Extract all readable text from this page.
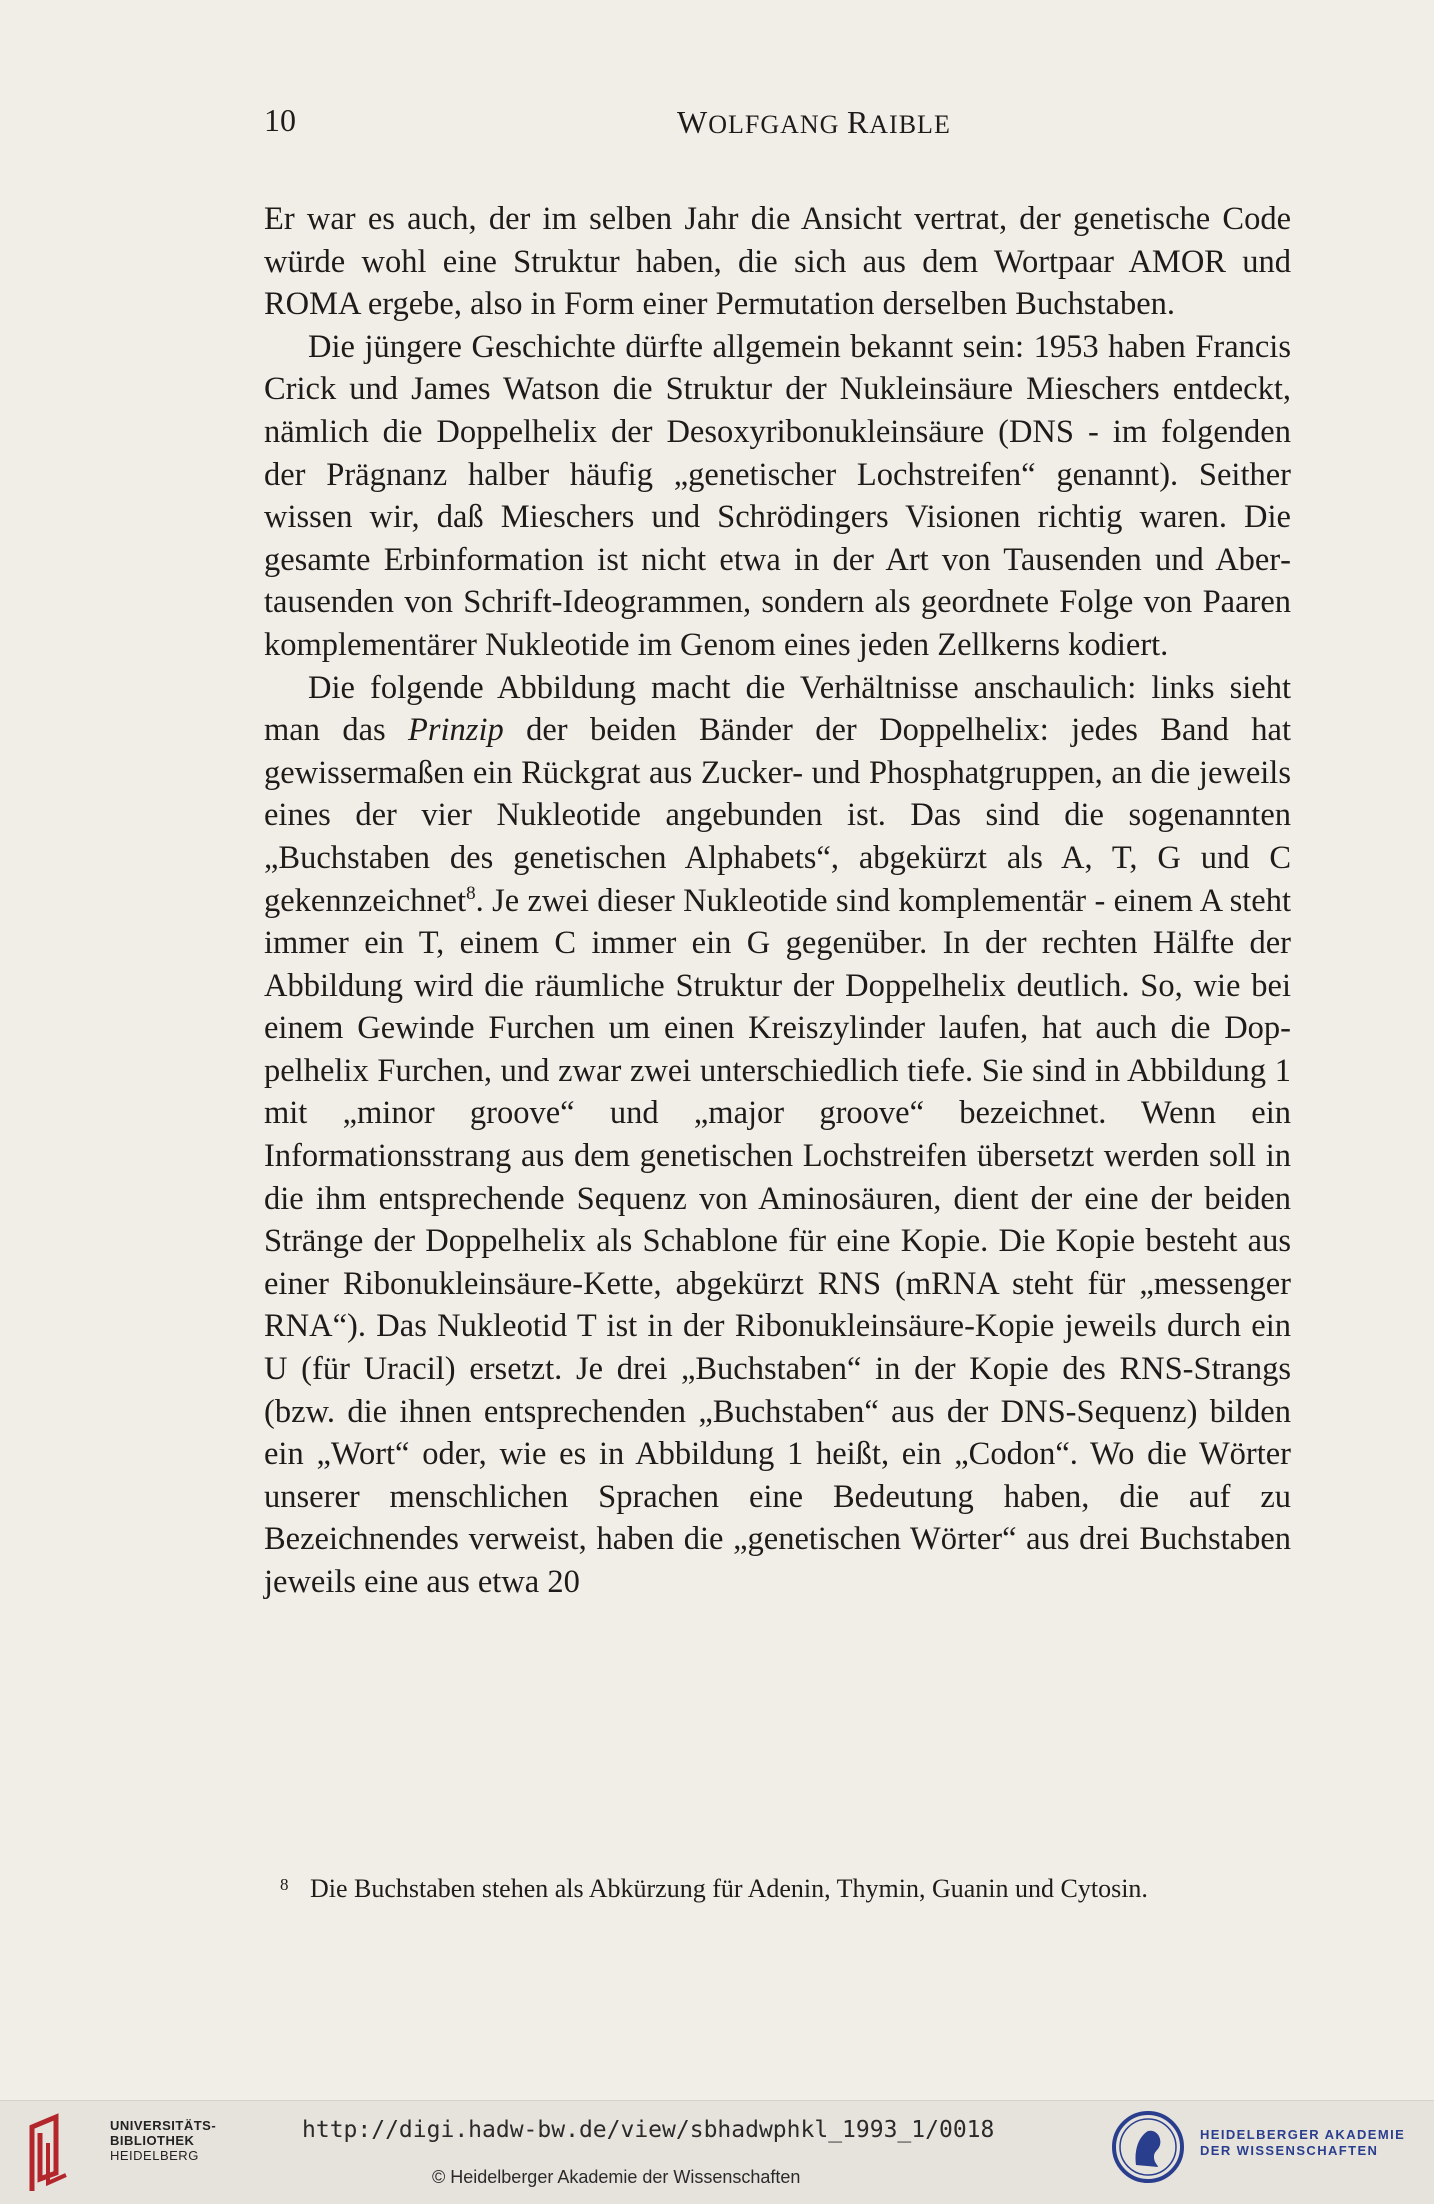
10	WOLFGANG RAIBLE

Er war es auch, der im selben Jahr die Ansicht vertrat, der genetische Code würde wohl eine Struktur haben, die sich aus dem Wortpaar AMOR und ROMA ergebe, also in Form einer Permutation derselben Buchstaben.

Die jüngere Geschichte dürfte allgemein bekannt sein: 1953 haben Francis Crick und James Watson die Struktur der Nukleinsäure Mieschers entdeckt, nämlich die Doppelhelix der Desoxyribonukleinsäure (DNS - im folgenden der Prägnanz halber häufig „genetischer Lochstreifen“ genannt). Seither wissen wir, daß Mieschers und Schrödingers Visionen richtig waren. Die gesamte Erbinformation ist nicht etwa in der Art von Tausenden und Abertausenden von Schrift-Ideogrammen, sondern als geordnete Folge von Paaren komplementärer Nukleotide im Genom eines jeden Zellkerns kodiert.

Die folgende Abbildung macht die Verhältnisse anschaulich: links sieht man das Prinzip der beiden Bänder der Doppelhelix: jedes Band hat gewissermaßen ein Rückgrat aus Zucker- und Phosphatgruppen, an die jeweils eines der vier Nukleotide angebunden ist. Das sind die sogenannten „Buchstaben des genetischen Alphabets“, abgekürzt als A, T, G und C gekennzeichnet$^8$. Je zwei dieser Nukleotide sind komplementär - einem A steht immer ein T, einem C immer ein G gegenüber. In der rechten Hälfte der Abbildung wird die räumliche Struktur der Doppelhelix deutlich. So, wie bei einem Gewinde Furchen um einen Kreiszylinder laufen, hat auch die Doppelhelix Furchen, und zwar zwei unterschiedlich tiefe. Sie sind in Abbildung 1 mit „minor groove“ und „major groove“ bezeichnet. Wenn ein Informationsstrang aus dem genetischen Lochstreifen übersetzt werden soll in die ihm entsprechende Sequenz von Aminosäuren, dient der eine der beiden Stränge der Doppelhelix als Schablone für eine Kopie. Die Kopie besteht aus einer Ribonukleinsäure-Kette, abgekürzt RNS (mRNA steht für „messenger RNA“). Das Nukleotid T ist in der Ribonukleinsäure-Kopie jeweils durch ein U (für Uracil) ersetzt. Je drei „Buchstaben“ in der Kopie des RNS-Strangs (bzw. die ihnen entsprechenden „Buchstaben“ aus der DNS-Sequenz) bilden ein „Wort“ oder, wie es in Abbildung 1 heißt, ein „Codon“. Wo die Wörter unserer menschlichen Sprachen eine Bedeutung haben, die auf zu Bezeichnendes verweist, haben die „genetischen Wörter“ aus drei Buchstaben jeweils eine aus etwa 20

8 Die Buchstaben stehen als Abkürzung für Adenin, Thymin, Guanin und Cytosin.
UNIVERSITÄTS-
BIBLIOTHEK
HEIDELBERG
http://digi.hadw-bw.de/view/sbhadwphkl_1993_1/0018
© Heidelberger Akademie der Wissenschaften
HEIDELBERGER AKADEMIE
DER WISSENSCHAFTEN
